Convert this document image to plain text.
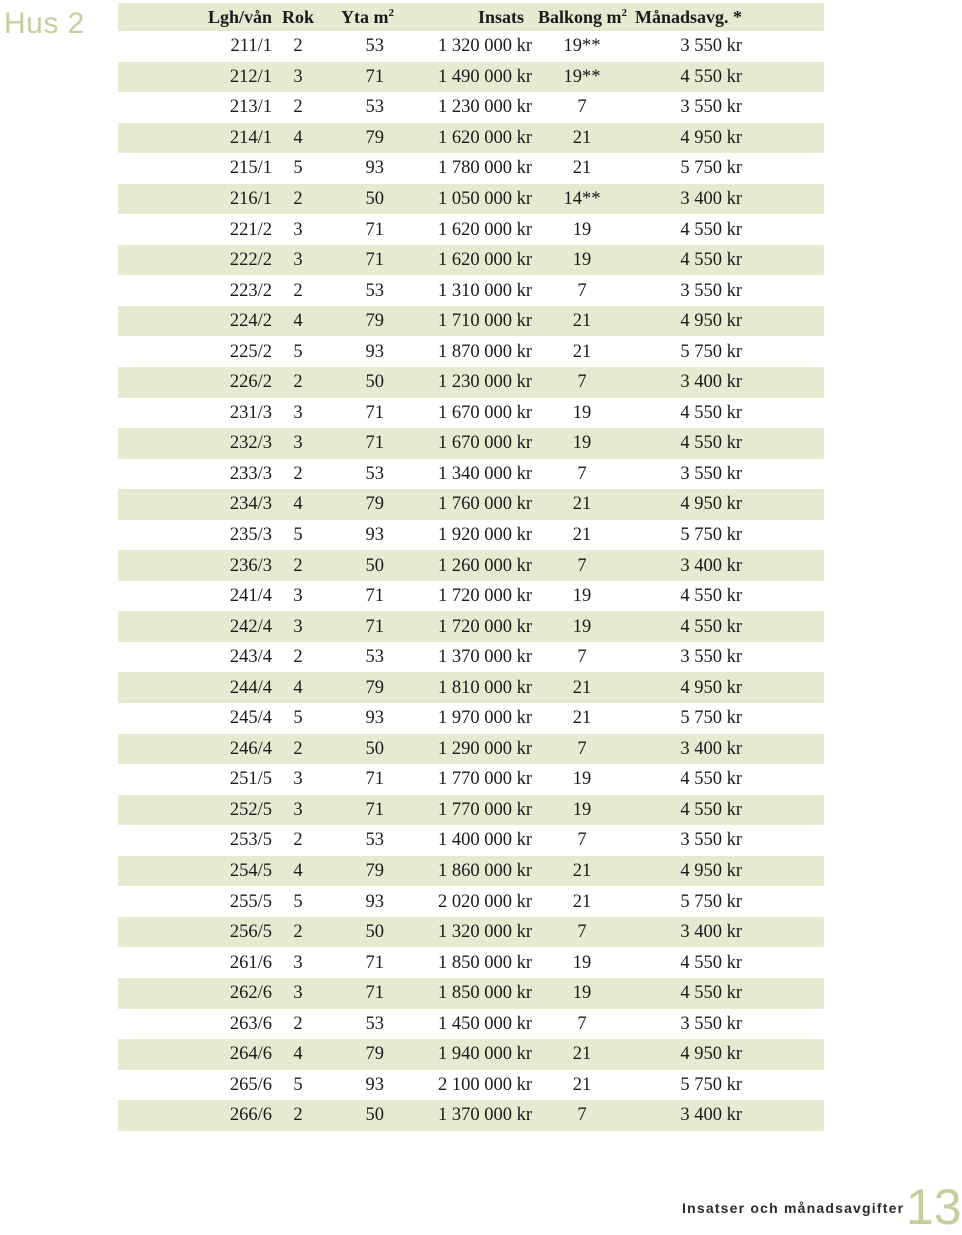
Hus 2	Lgh/vån	Rok	Yta $m^2$	Insats	Balkong $m^2$	Månadsavg. *	
211/1	2	53	1 320 000 kr	19**	3 550 kr	
212/1	3	71	1 490 000 kr	19**	4 550 kr	
213/1	2	53	1 230 000 kr	7	3 550 kr	
214/1	4	79	1 620 000 kr	21	4 950 kr	
215/1	5	93	1 780 000 kr	21	5 750 kr	
216/1	2	50	1 050 000 kr	14**	3 400 kr	
221/2	3	71	1 620 000 kr	19	4 550 kr	
222/2	3	71	1 620 000 kr	19	4 550 kr	
223/2	2	53	1 310 000 kr	7	3 550 kr	
224/2	4	79	1 710 000 kr	21	4 950 kr	
225/2	5	93	1 870 000 kr	21	5 750 kr	
226/2	2	50	1 230 000 kr	7	3 400 kr	
231/3	3	71	1 670 000 kr	19	4 550 kr	
232/3	3	71	1 670 000 kr	19	4 550 kr	
233/3	2	53	1 340 000 kr	7	3 550 kr	
234/3	4	79	1 760 000 kr	21	4 950 kr	
235/3	5	93	1 920 000 kr	21	5 750 kr	
236/3	2	50	1 260 000 kr	7	3 400 kr	
241/4	3	71	1 720 000 kr	19	4 550 kr	
242/4	3	71	1 720 000 kr	19	4 550 kr	
243/4	2	53	1 370 000 kr	7	3 550 kr	
244/4	4	79	1 810 000 kr	21	4 950 kr	
245/4	5	93	1 970 000 kr	21	5 750 kr	
246/4	2	50	1 290 000 kr	7	3 400 kr	
251/5	3	71	1 770 000 kr	19	4 550 kr	
252/5	3	71	1 770 000 kr	19	4 550 kr	
253/5	2	53	1 400 000 kr	7	3 550 kr	
254/5	4	79	1 860 000 kr	21	4 950 kr	
255/5	5	93	2 020 000 kr	21	5 750 kr	
256/5	2	50	1 320 000 kr	7	3 400 kr	
261/6	3	71	1 850 000 kr	19	4 550 kr	
262/6	3	71	1 850 000 kr	19	4 550 kr	
263/6	2	53	1 450 000 kr	7	3 550 kr	
264/6	4	79	1 940 000 kr	21	4 950 kr	
265/6	5	93	2 100 000 kr	21	5 750 kr	
266/6	2	50	1 370 000 kr	7	3 400 kr	
Insatser och månadsavgifter 13
